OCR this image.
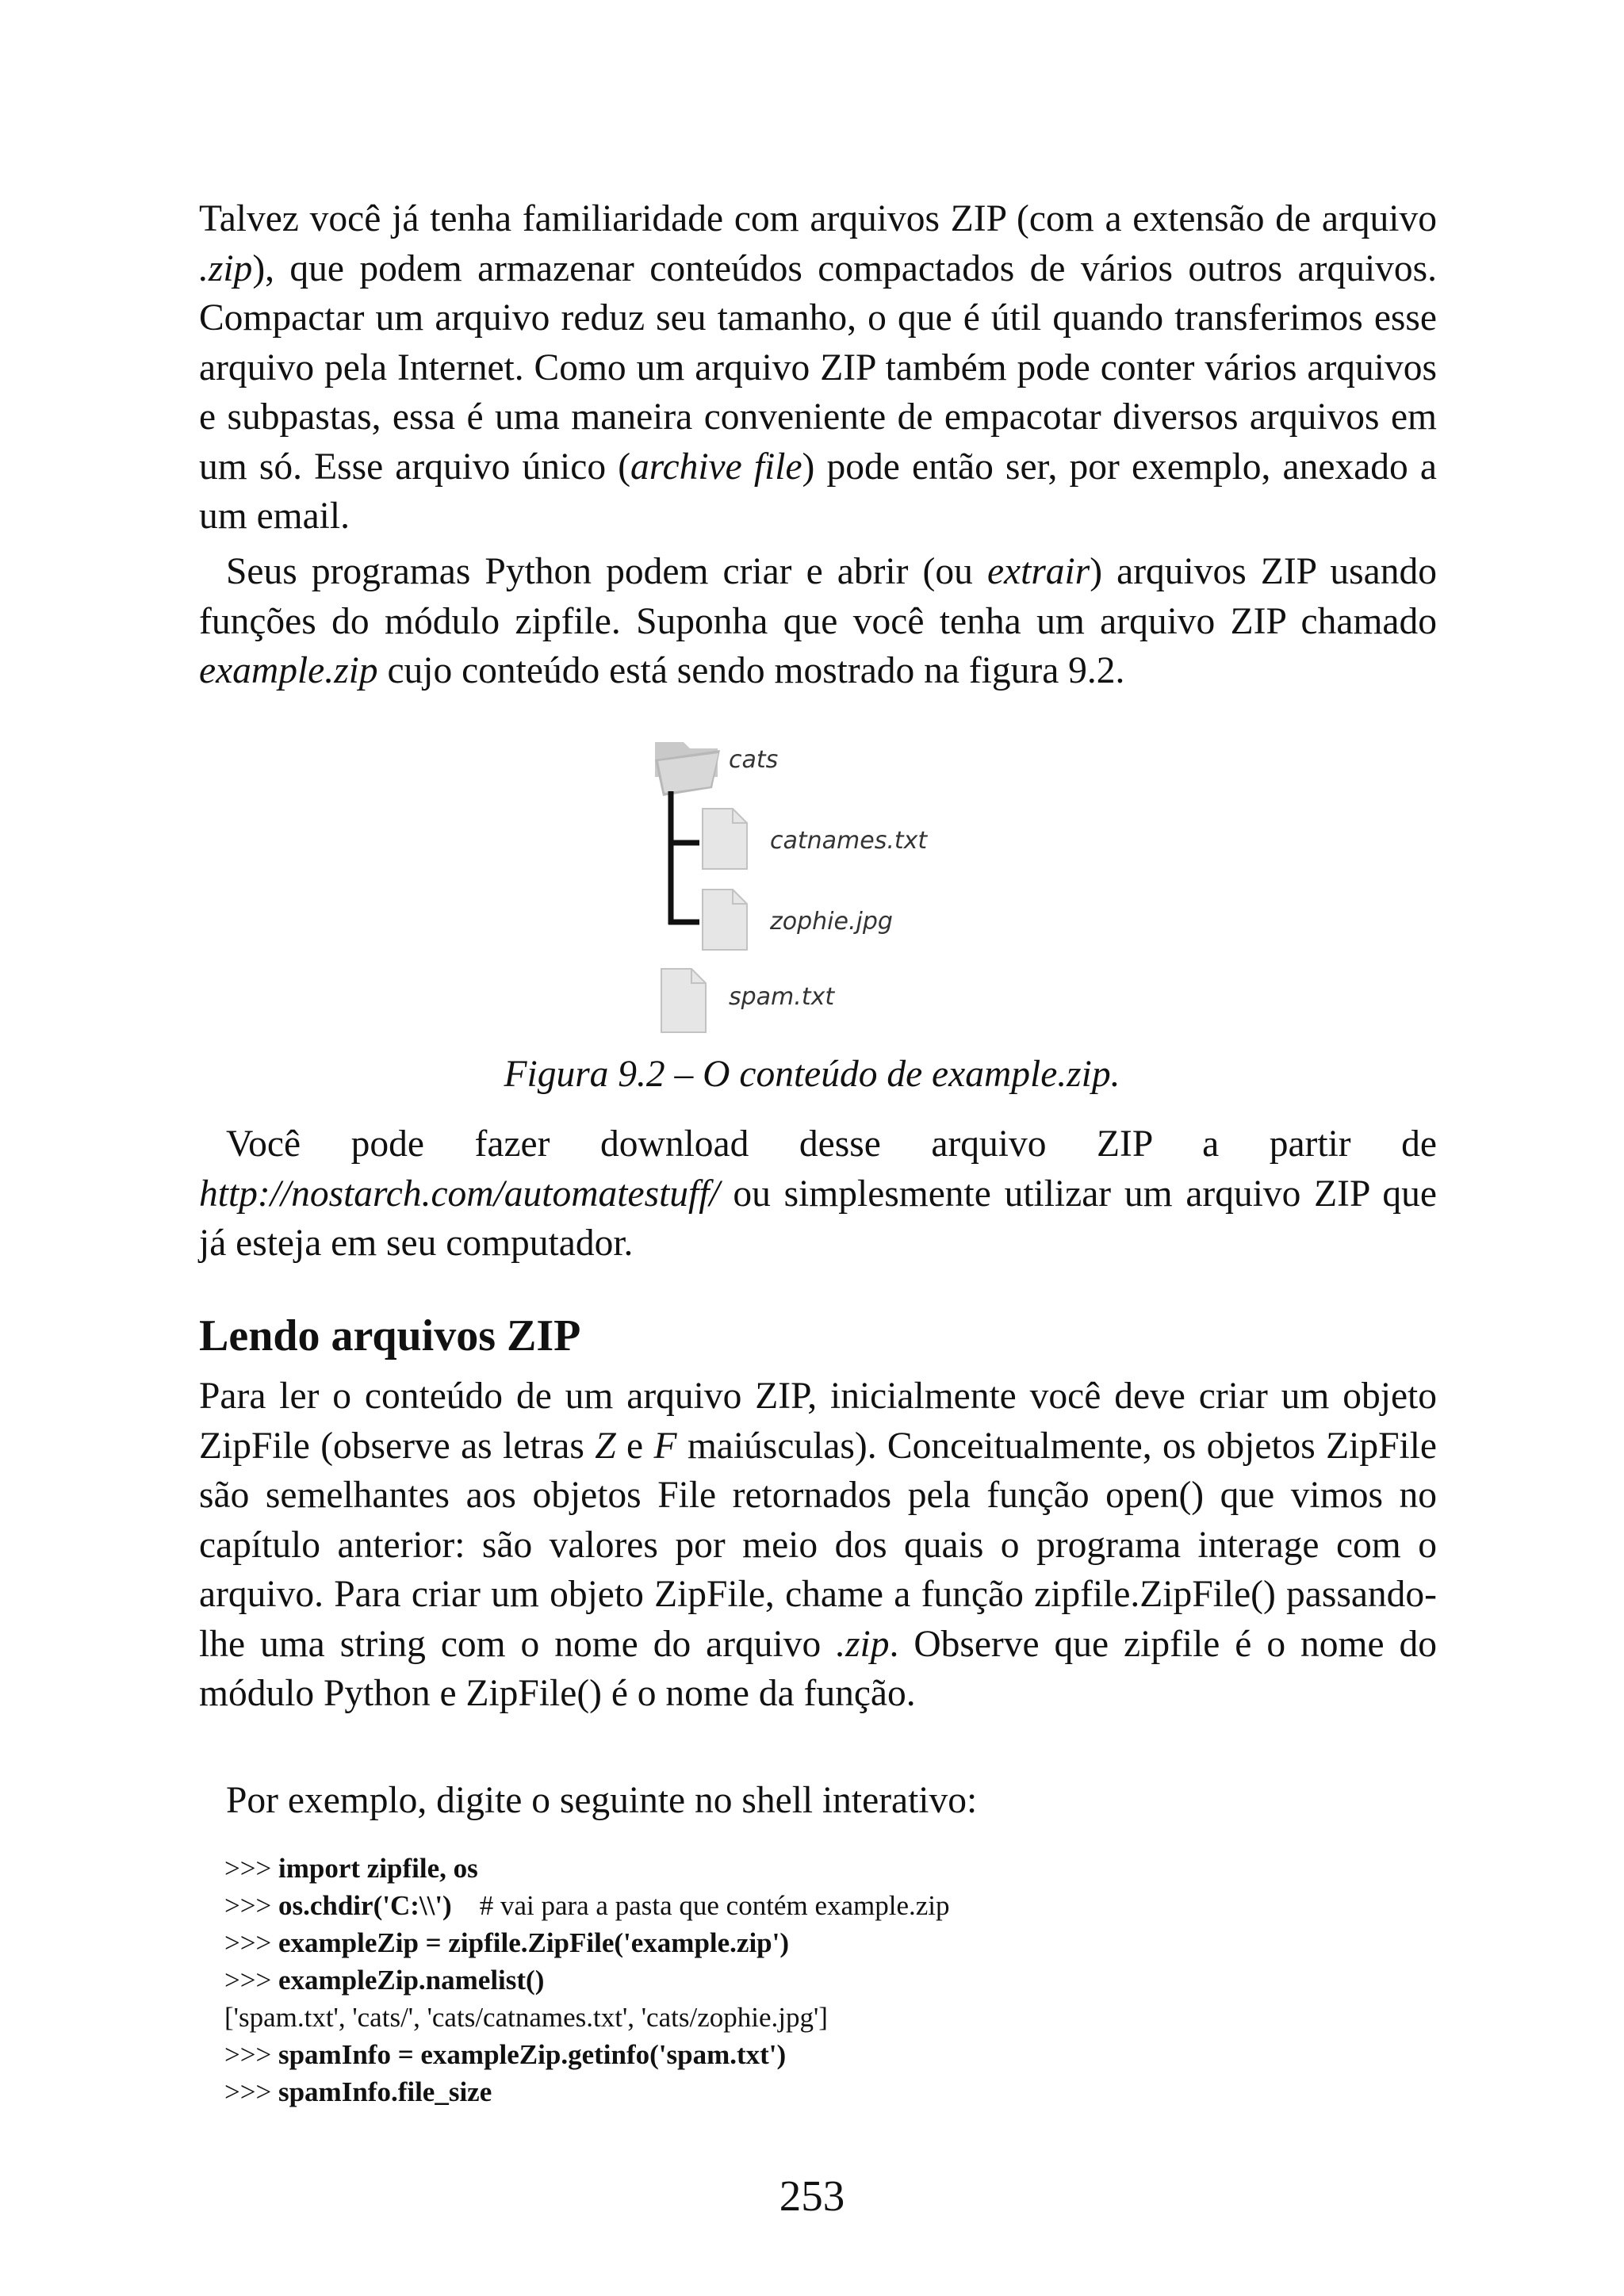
Talvez você já tenha familiaridade com arquivos ZIP (com a extensão de arquivo .zip), que podem armazenar conteúdos compactados de vários outros arquivos. Compactar um arquivo reduz seu tamanho, o que é útil quando transferimos esse arquivo pela Internet. Como um arquivo ZIP também pode conter vários arquivos e subpastas, essa é uma maneira conveniente de empacotar diversos arquivos em um só. Esse arquivo único (archive file) pode então ser, por exemplo, anexado a um email.

Seus programas Python podem criar e abrir (ou extrair) arquivos ZIP usando funções do módulo zipfile. Suponha que você tenha um arquivo ZIP chamado example.zip cujo conteúdo está sendo mostrado na figura 9.2.

cats
catnames.txt
zophie.jpg
spam.txt
Figura 9.2 – O conteúdo de example.zip.

Você pode fazer download desse arquivo ZIP a partir de http://nostarch.com/automatestuff/ ou simplesmente utilizar um arquivo ZIP que já esteja em seu computador.

Lendo arquivos ZIP

Para ler o conteúdo de um arquivo ZIP, inicialmente você deve criar um objeto ZipFile (observe as letras Z e F maiúsculas). Conceitualmente, os objetos ZipFile são semelhantes aos objetos File retornados pela função open() que vimos no capítulo anterior: são valores por meio dos quais o programa interage com o arquivo. Para criar um objeto ZipFile, chame a função zipfile.ZipFile() passando-lhe uma string com o nome do arquivo .zip. Observe que zipfile é o nome do módulo Python e ZipFile() é o nome da função.

Por exemplo, digite o seguinte no shell interativo:

>>> import zipfile, os
>>> os.chdir('C:\\')    # vai para a pasta que contém example.zip
>>> exampleZip = zipfile.ZipFile('example.zip')
>>> exampleZip.namelist()
['spam.txt', 'cats/', 'cats/catnames.txt', 'cats/zophie.jpg']
>>> spamInfo = exampleZip.getinfo('spam.txt')
>>> spamInfo.file_size
253
